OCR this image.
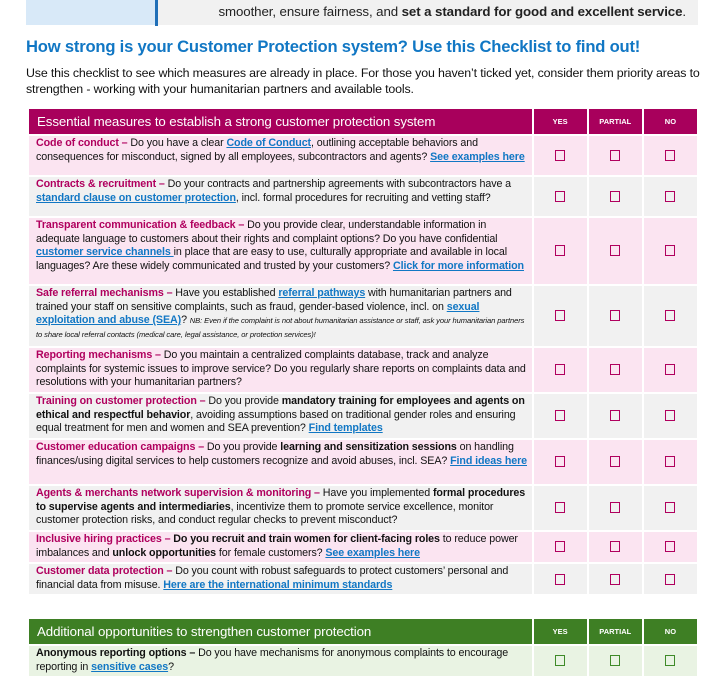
smoother, ensure fairness, and set a standard for good and excellent service.
How strong is your Customer Protection system? Use this Checklist to find out!

Use this checklist to see which measures are already in place. For those you haven’t ticked yet, consider them priority areas to strengthen - working with your humanitarian partners and available tools.

Essential measures to establish a strong customer protection system	YES	PARTIAL	NO
Code of conduct – Do you have a clear Code of Conduct, outlining acceptable behaviors and consequences for misconduct, signed by all employees, subcontractors and agents? See examples here			
Contracts & recruitment – Do your contracts and partnership agreements with subcontractors have a standard clause on customer protection, incl. formal procedures for recruiting and vetting staff?			
Transparent communication & feedback – Do you provide clear, understandable information in adequate language to customers about their rights and complaint options? Do you have confidential customer service channels in place that are easy to use, culturally appropriate and available in local languages? Are these widely communicated and trusted by your customers? Click for more information			
Safe referral mechanisms – Have you established referral pathways with humanitarian partners and trained your staff on sensitive complaints, such as fraud, gender-based violence, incl. on sexual exploitation and abuse (SEA)? NB: Even if the complaint is not about humanitarian assistance or staff, ask your humanitarian partners to share local referral contacts (medical care, legal assistance, or protection services)!			
Reporting mechanisms – Do you maintain a centralized complaints database, track and analyze complaints for systemic issues to improve service? Do you regularly share reports on complaints data and resolutions with your humanitarian partners?			
Training on customer protection – Do you provide mandatory training for employees and agents on ethical and respectful behavior, avoiding assumptions based on traditional gender roles and ensuring equal treatment for men and women and SEA prevention? Find templates			
Customer education campaigns – Do you provide learning and sensitization sessions on handling finances/using digital services to help customers recognize and avoid abuses, incl. SEA? Find ideas here			
Agents & merchants network supervision & monitoring – Have you implemented formal procedures to supervise agents and intermediaries, incentivize them to promote service excellence, monitor customer protection risks, and conduct regular checks to prevent misconduct?			
Inclusive hiring practices – Do you recruit and train women for client-facing roles to reduce power imbalances and unlock opportunities for female customers? See examples here			
Customer data protection – Do you count with robust safeguards to protect customers’ personal and financial data from misuse. Here are the international minimum standards			
Additional opportunities to strengthen customer protection	YES	PARTIAL	NO
Anonymous reporting options – Do you have mechanisms for anonymous complaints to encourage reporting in sensitive cases?			
